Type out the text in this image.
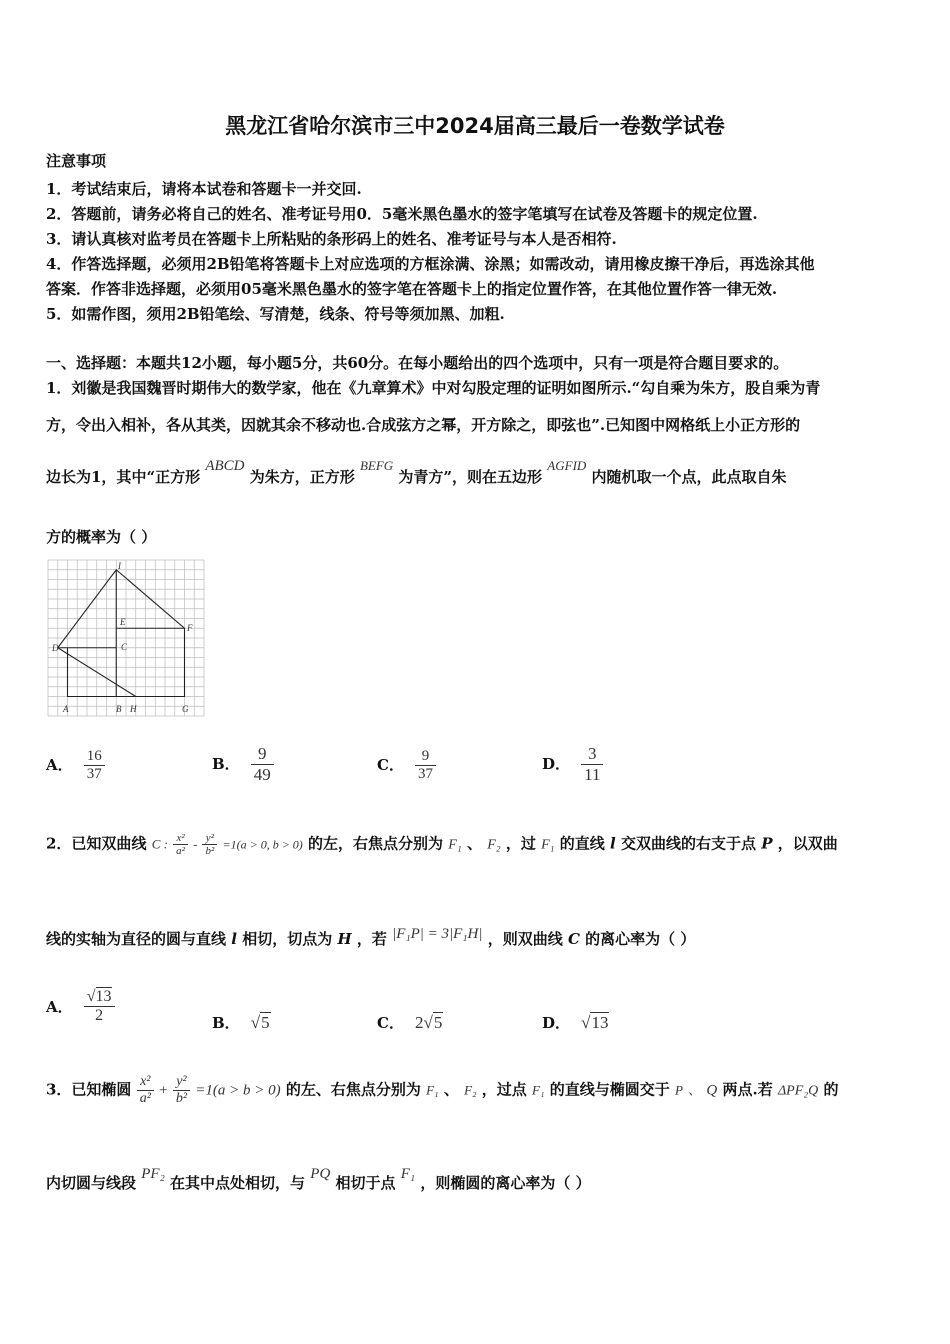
黑龙江省哈尔滨市三中2024届高三最后一卷数学试卷
注意事项
1．考试结束后，请将本试卷和答题卡一并交回.
2．答题前，请务必将自己的姓名、准考证号用0．5毫米黑色墨水的签字笔填写在试卷及答题卡的规定位置.
3．请认真核对监考员在答题卡上所粘贴的条形码上的姓名、准考证号与本人是否相符.
4．作答选择题，必须用2B铅笔将答题卡上对应选项的方框涂满、涂黑；如需改动，请用橡皮擦干净后，再选涂其他
答案．作答非选择题，必须用05毫米黑色墨水的签字笔在答题卡上的指定位置作答，在其他位置作答一律无效.
5．如需作图，须用2B铅笔绘、写清楚，线条、符号等须加黑、加粗.
一、选择题：本题共12小题，每小题5分，共60分。在每小题给出的四个选项中，只有一项是符合题目要求的。
1．刘徽是我国魏晋时期伟大的数学家，他在《九章算术》中对勾股定理的证明如图所示.“勾自乘为朱方，股自乘为青
方，令出入相补，各从其类，因就其余不移动也.合成弦方之幂，开方除之，即弦也”.已知图中网格纸上小正方形的
边长为1，其中“正方形 ABCD 为朱方，正方形 BEFG 为青方”，则在五边形 AGFID 内随机取一个点，此点取自朱
方的概率为（ ）
I
E
F
D	C
A	B H	G
A． $\frac{16}{37}$	B． $\frac{9}{49}$	C． $\frac{9}{37}$	D． $\frac{3}{11}$
2．已知双曲线 C : $\frac{\text{x²}}{\text{a²}} - \frac{\text{y²}}{\text{b²}} =1(a > 0$, b > 0) 的左，右焦点分别为 F₁ 、 F₂ ，过 F₁ 的直线 l 交双曲线的右支于点 P ，以双曲
线的实轴为直径的圆与直线 l 相切，切点为 H ，若 |F₁P| = 3|F₁H| ，则双曲线 C 的离心率为（ ）
A． $\frac{√13}{2}$	B． √5	C． 2√5	D． √13
3．已知椭圆 $\frac{\text{x²}}{\text{a²}} + \frac{\text{y²}}{\text{b²}} =1(a > b > 0)$ 的左、右焦点分别为 F₁ 、 F₂ ，过点 F₁ 的直线与椭圆交于 P 、 Q 两点.若 ΔPF₂Q 的
内切圆与线段 PF₂ 在其中点处相切，与 PQ 相切于点 F₁ ，则椭圆的离心率为（ ）
